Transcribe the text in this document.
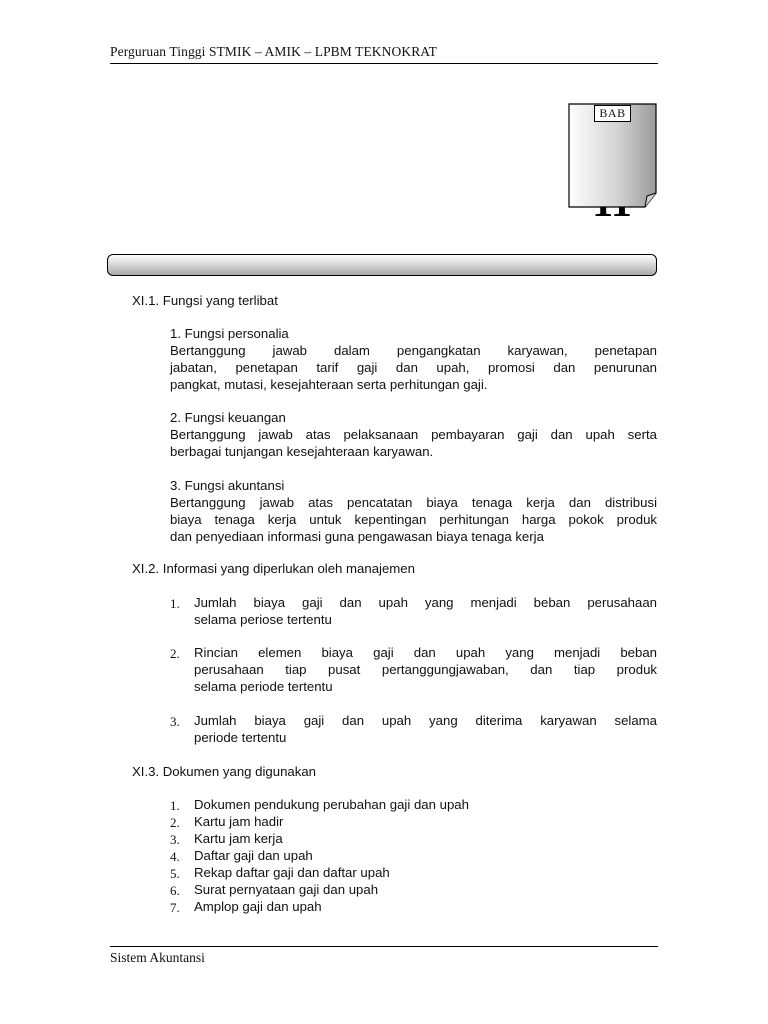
Perguruan Tinggi STMIK – AMIK – LPBM TEKNOKRAT
BAB
XI.1. Fungsi yang terlibat
1. Fungsi personalia
Bertanggung jawab dalam pengangkatan karyawan, penetapan
jabatan, penetapan tarif gaji dan upah, promosi dan penurunan
pangkat, mutasi, kesejahteraan serta perhitungan gaji.
2. Fungsi keuangan
Bertanggung jawab atas pelaksanaan pembayaran gaji dan upah serta
berbagai tunjangan kesejahteraan karyawan.
3. Fungsi akuntansi
Bertanggung jawab atas pencatatan biaya tenaga kerja dan distribusi
biaya tenaga kerja untuk kepentingan perhitungan harga pokok produk
dan penyediaan informasi guna pengawasan biaya tenaga kerja
XI.2. Informasi yang diperlukan oleh manajemen
1.	Jumlah biaya gaji dan upah yang menjadi beban perusahaan
selama periose tertentu
2.	Rincian elemen biaya gaji dan upah yang menjadi beban
perusahaan tiap pusat pertanggungjawaban, dan tiap produk
selama periode tertentu
3.	Jumlah biaya gaji dan upah yang diterima karyawan selama
periode tertentu
XI.3. Dokumen yang digunakan
1.	Dokumen pendukung perubahan gaji dan upah
2.	Kartu jam hadir
3.	Kartu jam kerja
4.	Daftar gaji dan upah
5.	Rekap daftar gaji dan daftar upah
6.	Surat pernyataan gaji dan upah
7.	Amplop gaji dan upah
Sistem Akuntansi
